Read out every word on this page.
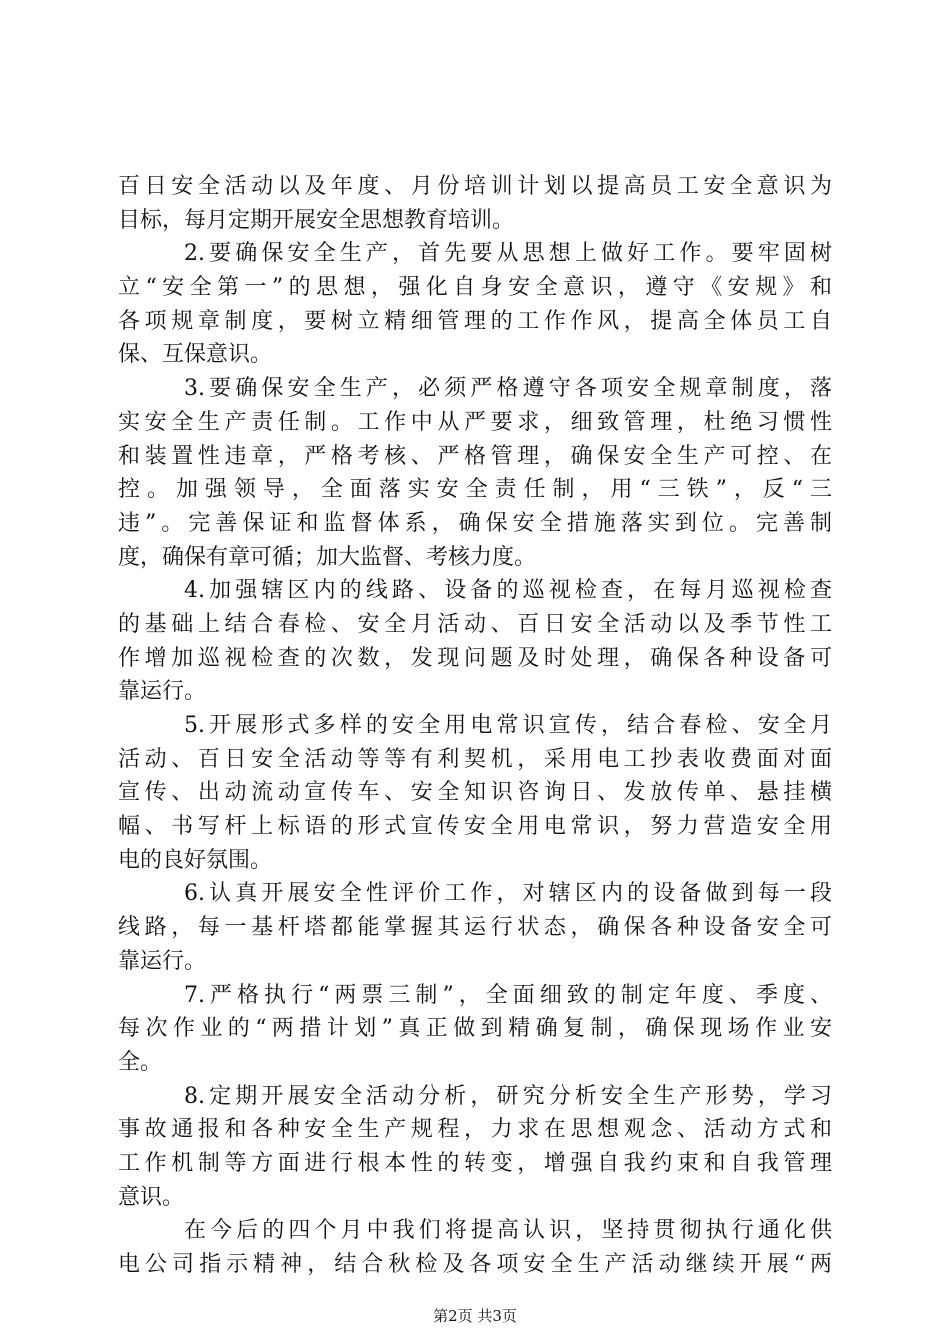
百日安全活动以及年度、月份培训计划以提高员工安全意识为
目标，每月定期开展安全思想教育培训。
2.要确保安全生产，首先要从思想上做好工作。要牢固树
立“安全第一”的思想，强化自身安全意识，遵守《安规》和
各项规章制度，要树立精细管理的工作作风，提高全体员工自
保、互保意识。
3.要确保安全生产，必须严格遵守各项安全规章制度，落
实安全生产责任制。工作中从严要求，细致管理，杜绝习惯性
和装置性违章，严格考核、严格管理，确保安全生产可控、在
控。加强领导，全面落实安全责任制，用“三铁”，反“三
违”。完善保证和监督体系，确保安全措施落实到位。完善制
度，确保有章可循；加大监督、考核力度。
4.加强辖区内的线路、设备的巡视检查，在每月巡视检查
的基础上结合春检、安全月活动、百日安全活动以及季节性工
作增加巡视检查的次数，发现问题及时处理，确保各种设备可
靠运行。
5.开展形式多样的安全用电常识宣传，结合春检、安全月
活动、百日安全活动等等有利契机，采用电工抄表收费面对面
宣传、出动流动宣传车、安全知识咨询日、发放传单、悬挂横
幅、书写杆上标语的形式宣传安全用电常识，努力营造安全用
电的良好氛围。
6.认真开展安全性评价工作，对辖区内的设备做到每一段
线路，每一基杆塔都能掌握其运行状态，确保各种设备安全可
靠运行。
7.严格执行“两票三制”，全面细致的制定年度、季度、
每次作业的“两措计划”真正做到精确复制，确保现场作业安
全。
8.定期开展安全活动分析，研究分析安全生产形势，学习
事故通报和各种安全生产规程，力求在思想观念、活动方式和
工作机制等方面进行根本性的转变，增强自我约束和自我管理
意识。
在今后的四个月中我们将提高认识，坚持贯彻执行通化供
电公司指示精神，结合秋检及各项安全生产活动继续开展“两
第2页 共3页
